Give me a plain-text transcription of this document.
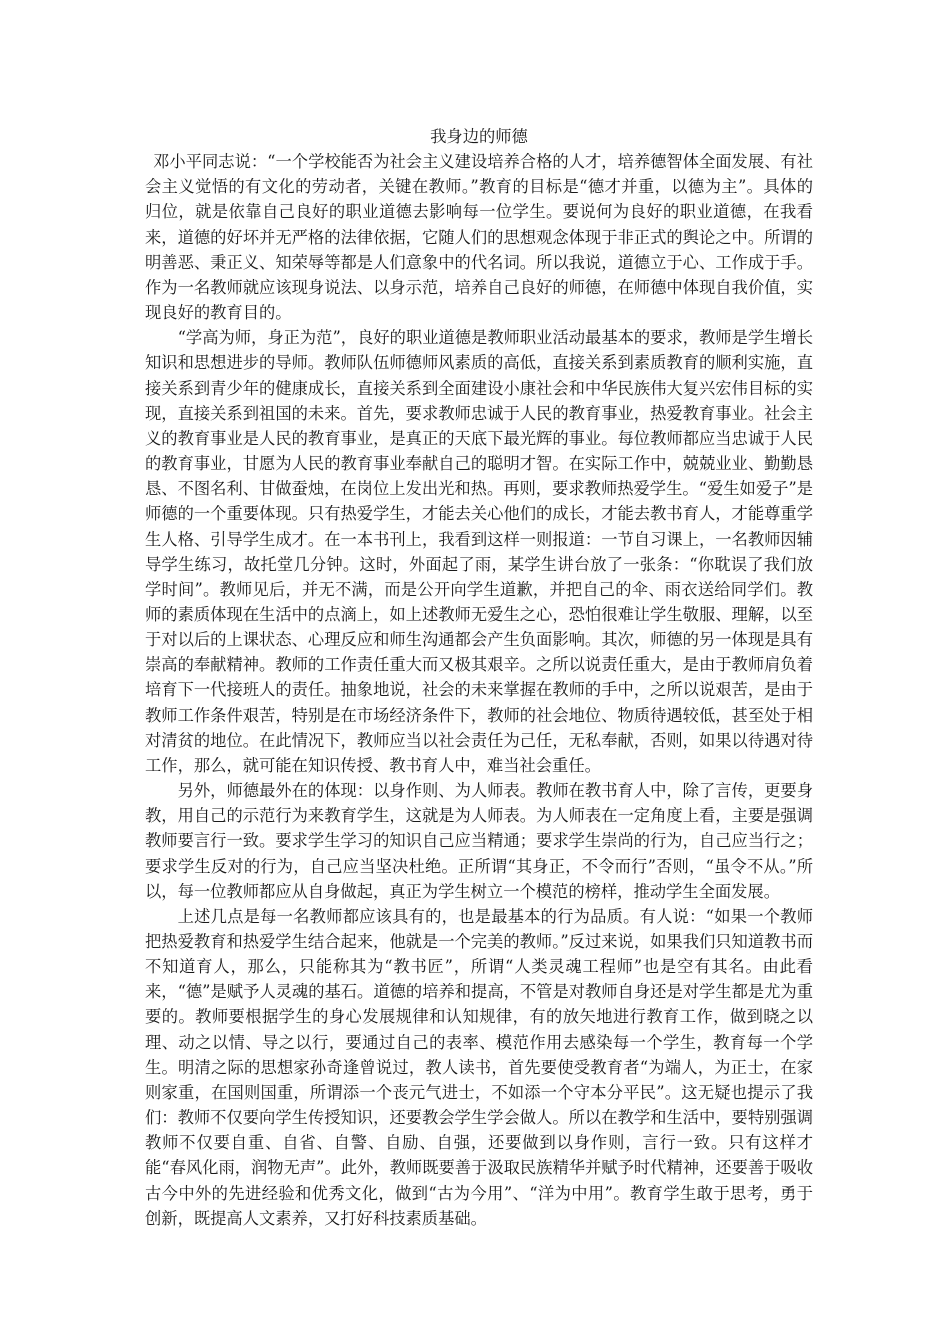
我身边的师德

邓小平同志说：“一个学校能否为社会主义建设培养合格的人才，培养德智体全面发展、有社会主义觉悟的有文化的劳动者，关键在教师。”教育的目标是“德才并重，以德为主”。具体的归位，就是依靠自己良好的职业道德去影响每一位学生。要说何为良好的职业道德，在我看来，道德的好坏并无严格的法律依据，它随人们的思想观念体现于非正式的舆论之中。所谓的明善恶、秉正义、知荣辱等都是人们意象中的代名词。所以我说，道德立于心、工作成于手。作为一名教师就应该现身说法、以身示范，培养自己良好的师德，在师德中体现自我价值，实现良好的教育目的。

“学高为师，身正为范”，良好的职业道德是教师职业活动最基本的要求，教师是学生增长知识和思想进步的导师。教师队伍师德师风素质的高低，直接关系到素质教育的顺利实施，直接关系到青少年的健康成长，直接关系到全面建设小康社会和中华民族伟大复兴宏伟目标的实现，直接关系到祖国的未来。首先，要求教师忠诚于人民的教育事业，热爱教育事业。社会主义的教育事业是人民的教育事业，是真正的天底下最光辉的事业。每位教师都应当忠诚于人民的教育事业，甘愿为人民的教育事业奉献自己的聪明才智。在实际工作中，兢兢业业、勤勤恳恳、不图名利、甘做蚕烛，在岗位上发出光和热。再则，要求教师热爱学生。“爱生如爱子”是师德的一个重要体现。只有热爱学生，才能去关心他们的成长，才能去教书育人，才能尊重学生人格、引导学生成才。在一本书刊上，我看到这样一则报道：一节自习课上，一名教师因辅导学生练习，故托堂几分钟。这时，外面起了雨，某学生讲台放了一张条：“你耽误了我们放学时间”。教师见后，并无不满，而是公开向学生道歉，并把自己的伞、雨衣送给同学们。教师的素质体现在生活中的点滴上，如上述教师无爱生之心，恐怕很难让学生敬服、理解，以至于对以后的上课状态、心理反应和师生沟通都会产生负面影响。其次，师德的另一体现是具有崇高的奉献精神。教师的工作责任重大而又极其艰辛。之所以说责任重大，是由于教师肩负着培育下一代接班人的责任。抽象地说，社会的未来掌握在教师的手中，之所以说艰苦，是由于教师工作条件艰苦，特别是在市场经济条件下，教师的社会地位、物质待遇较低，甚至处于相对清贫的地位。在此情况下，教师应当以社会责任为己任，无私奉献，否则，如果以待遇对待工作，那么，就可能在知识传授、教书育人中，难当社会重任。

另外，师德最外在的体现：以身作则、为人师表。教师在教书育人中，除了言传，更要身教，用自己的示范行为来教育学生，这就是为人师表。为人师表在一定角度上看，主要是强调教师要言行一致。要求学生学习的知识自己应当精通；要求学生崇尚的行为，自己应当行之；要求学生反对的行为，自己应当坚决杜绝。正所谓“其身正，不令而行”否则，“虽令不从。”所以，每一位教师都应从自身做起，真正为学生树立一个模范的榜样，推动学生全面发展。

上述几点是每一名教师都应该具有的，也是最基本的行为品质。有人说：“如果一个教师把热爱教育和热爱学生结合起来，他就是一个完美的教师。”反过来说，如果我们只知道教书而不知道育人，那么，只能称其为“教书匠”，所谓“人类灵魂工程师”也是空有其名。由此看来，“德”是赋予人灵魂的基石。道德的培养和提高，不管是对教师自身还是对学生都是尤为重要的。教师要根据学生的身心发展规律和认知规律，有的放矢地进行教育工作，做到晓之以理、动之以情、导之以行，要通过自己的表率、模范作用去感染每一个学生，教育每一个学生。明清之际的思想家孙奇逢曾说过，教人读书，首先要使受教育者“为端人，为正士，在家则家重，在国则国重，所谓添一个丧元气进士，不如添一个守本分平民”。这无疑也提示了我们：教师不仅要向学生传授知识，还要教会学生学会做人。所以在教学和生活中，要特别强调教师不仅要自重、自省、自警、自励、自强，还要做到以身作则，言行一致。只有这样才能“春风化雨，润物无声”。此外，教师既要善于汲取民族精华并赋予时代精神，还要善于吸收古今中外的先进经验和优秀文化，做到“古为今用”、“洋为中用”。教育学生敢于思考，勇于创新，既提高人文素养，又打好科技素质基础。
